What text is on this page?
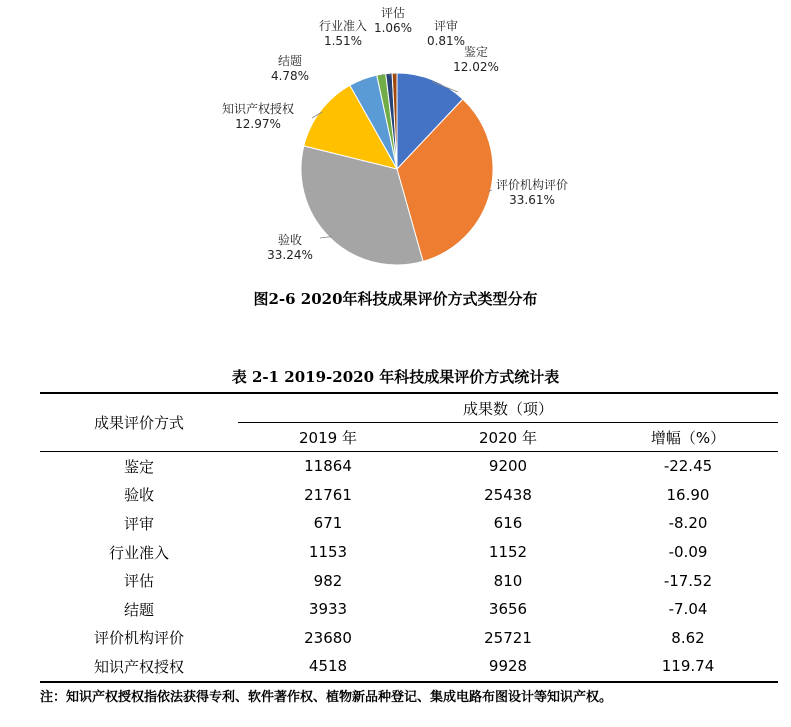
鉴定
12.02%
评价机构评价
33.61%
验收
33.24%
知识产权授权
12.97%
结题
4.78%
行业准入
1.51%
评估
1.06% 评审
0.81%
图2-6 2020年科技成果评价方式类型分布
表 2-1 2019-2020 年科技成果评价方式统计表
成果评价方式	成果数（项）		
	2019 年	2020 年	增幅（%）
鉴定	11864	9200	-22.45
验收	21761	25438	16.90
评审	671	616	-8.20
行业准入	1153	1152	-0.09
评估	982	810	-17.52
结题	3933	3656	-7.04
评价机构评价	23680	25721	8.62
知识产权授权	4518	9928	119.74
注：知识产权授权指依法获得专利、软件著作权、植物新品种登记、集成电路布图设计等知识产权。
